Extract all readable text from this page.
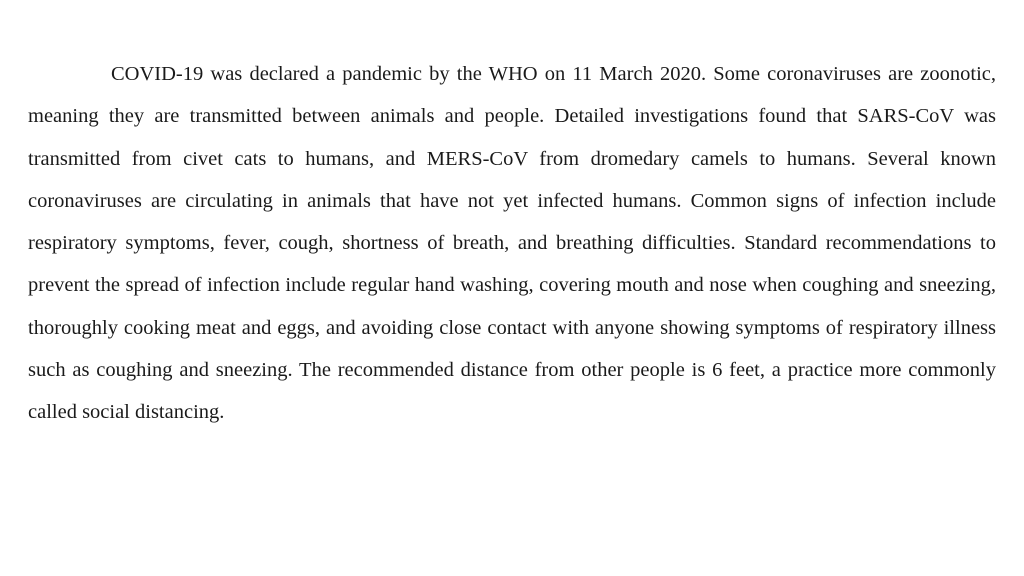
COVID-19 was declared a pandemic by the WHO on 11 March 2020. Some coronaviruses are zoonotic, meaning they are transmitted between animals and people. Detailed investigations found that SARS-CoV was transmitted from civet cats to humans, and MERS-CoV from dromedary camels to humans. Several known coronaviruses are circulating in animals that have not yet infected humans. Common signs of infection include respiratory symptoms, fever, cough, shortness of breath, and breathing difficulties. Standard recommendations to prevent the spread of infection include regular hand washing, covering mouth and nose when coughing and sneezing, thoroughly cooking meat and eggs, and avoiding close contact with anyone showing symptoms of respiratory illness such as coughing and sneezing. The recommended distance from other people is 6 feet, a practice more commonly called social distancing.
